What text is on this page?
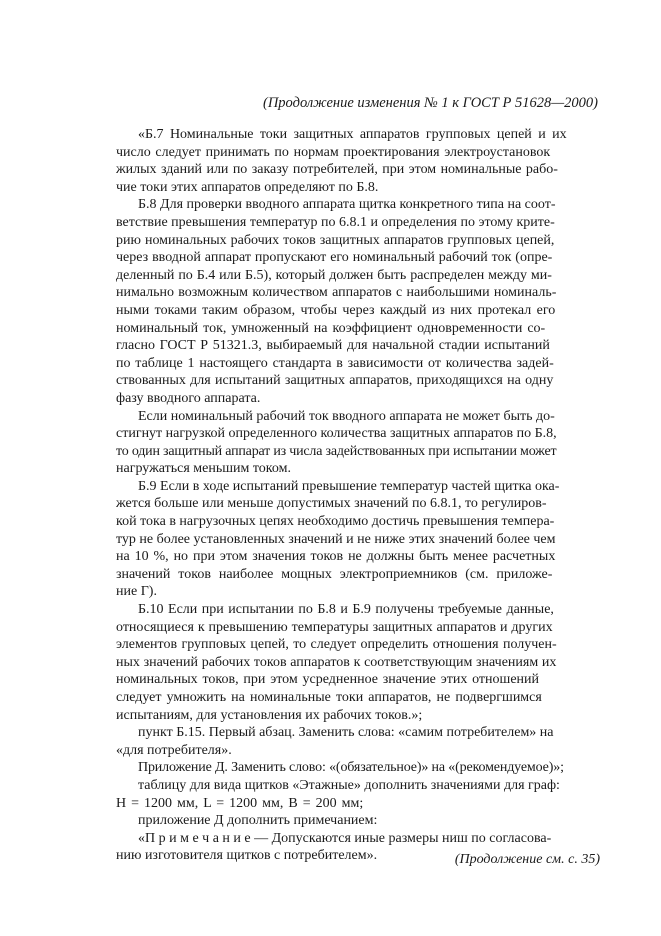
(Продолжение изменения № 1 к ГОСТ Р 51628—2000)
«Б.7 Номинальные токи защитных аппаратов групповых цепей и их
число следует принимать по нормам проектирования электроустановок
жилых зданий или по заказу потребителей, при этом номинальные рабо-
чие токи этих аппаратов определяют по Б.8.
Б.8 Для проверки вводного аппарата щитка конкретного типа на соот-
ветствие превышения температур по 6.8.1 и определения по этому крите-
рию номинальных рабочих токов защитных аппаратов групповых цепей,
через вводной аппарат пропускают его номинальный рабочий ток (опре-
деленный по Б.4 или Б.5), который должен быть распределен между ми-
нимально возможным количеством аппаратов с наибольшими номиналь-
ными токами таким образом, чтобы через каждый из них протекал его
номинальный ток, умноженный на коэффициент одновременности со-
гласно ГОСТ Р 51321.3, выбираемый для начальной стадии испытаний
по таблице 1 настоящего стандарта в зависимости от количества задей-
ствованных для испытаний защитных аппаратов, приходящихся на одну
фазу вводного аппарата.
Если номинальный рабочий ток вводного аппарата не может быть до-
стигнут нагрузкой определенного количества защитных аппаратов по Б.8,
то один защитный аппарат из числа задействованных при испытании может
нагружаться меньшим током.
Б.9 Если в ходе испытаний превышение температур частей щитка ока-
жется больше или меньше допустимых значений по 6.8.1, то регулиров-
кой тока в нагрузочных цепях необходимо достичь превышения темпера-
тур не более установленных значений и не ниже этих значений более чем
на 10 %, но при этом значения токов не должны быть менее расчетных
значений токов наиболее мощных электроприемников (см. приложе-
ние Г).
Б.10 Если при испытании по Б.8 и Б.9 получены требуемые данные,
относящиеся к превышению температуры защитных аппаратов и других
элементов групповых цепей, то следует определить отношения получен-
ных значений рабочих токов аппаратов к соответствующим значениям их
номинальных токов, при этом усредненное значение этих отношений
следует умножить на номинальные токи аппаратов, не подвергшимся
испытаниям, для установления их рабочих токов.»;
пункт Б.15. Первый абзац. Заменить слова: «самим потребителем» на
«для потребителя».
Приложение Д. Заменить слово: «(обязательное)» на «(рекомендуемое)»;
таблицу для вида щитков «Этажные» дополнить значениями для граф:
H = 1200 мм, L = 1200 мм, B = 200 мм;
приложение Д дополнить примечанием:
«П р и м е ч а н и е — Допускаются иные размеры ниш по согласова-
нию изготовителя щитков с потребителем».	(Продолжение см. с. 35)
